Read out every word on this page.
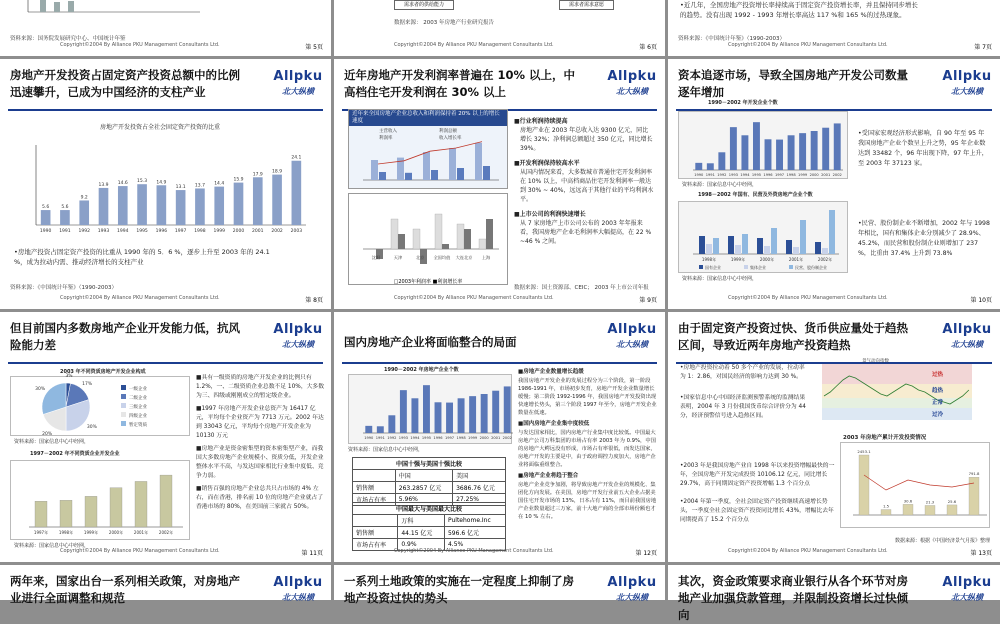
资料来源：国务院发展研究中心、中国统计年鉴
Copyright©2004 By Alliance PKU Management Consultants Ltd.	第 5页
需求者的供给能力	需求者需求意愿
数据来源： 2003 年房地产行业研究报告
Copyright©2004 By Alliance PKU Management Consultants Ltd.	第 6页
•近几年，全国房地产投资增长率持续高于固定资产投资增长率，并且保持同步增长的趋势。没有出现 1992 - 1993 年增长率高达 117 %和 165 %的过热现象。
资料来源：《中国统计年鉴》（1990-2003）
Copyright©2004 By Alliance PKU Management Consultants Ltd.	第 7页
房地产开发投资占固定资产投资总额中的比例迅速攀升，已成为中国经济的支柱产业
Allpku
北大纵横
房地产开发投资占全社会固定资产投资的比重
5.6
1990
5.6
1991
9.2
1992
13.9
1993
14.6
1994
15.3
1995
14.9
1996
13.1
1997
13.7
1998
14.4
1999
15.9
2000
17.9
2001
18.9
2002
24.1
2003
•房地产投资占固定资产投资的比重从 1990 年的 5．6 %，逐步上升至 2003 年的 24.1 %，成为拉动内需、推动经济增长的支柱产业
资料来源：《中国统计年鉴》（1990-2003）
Copyright©2004 By Alliance PKU Management Consultants Ltd.	第 8页
近年房地产开发利润率普遍在 10% 以上，中高档住宅开发利润在 30% 以上
Allpku
北大纵横
近年来全国房地产企业总收入和利润保持着 20% 以上的增长速度
主营收入	利润总额
利润率	收入增长率
沈阳	天津	北京 全国均值 大连北京 上海
□2003年利润率 ■利润增长率
■行业利润持续提高
房地产业在 2003 年总收入达 9300 亿元，同比增长 32%；净利润总额超过 350 亿元，同比增长 39%。
■开发利润保持较高水平
从国内情况来看，大多数城市普通住宅开发利润率在 10% 以上，中高档商品住宅开发利润率一般达到 30% ~ 40%，远远高于其他行业的平均利润水平。
■上市公司的利润快速增长
从 7 家房地产上市公司公布的 2003 年年报来看，我国房地产企业毛利润率大幅提高，在 22 % ~46 % 之间。
数据来源：国土资源部、CEIC； 2003 年上市公司年报
Copyright©2004 By Alliance PKU Management Consultants Ltd.	第 9页
资本追逐市场，导致全国房地产开发公司数量逐年增加
Allpku
北大纵横
1990－2002 年开发企业个数
1990 1991 1992 1993 1994 1995 1996 1997 1998 1999 2000 2001 2002
资料来源：国家信息中心中经网，
1998－2002 年国有、民营及外资房地产企业个数
1998年	1999年	2000年	2001年	2002年
国有企业	集体企业	民营、股份制企业
资料来源：国家信息中心中经网，
•受国家宏观经济形式影响，自 90 年至 95 年我国房地产企业个数呈上升之势，95 年企业数达到 33482 个，96 年出现下降，97 年上升，至 2003 年 37123 家。
•民营、股份制企业不断增加，2002 年与 1998 年相比，国有和集体企业分别减少了 28.9%、45.2%，而民营和股份制企业则增加了 237 %，比重由 37.4% 上升到 73.8%
Copyright©2004 By Alliance PKU Management Consultants Ltd.	第 10页
但目前国内多数房地产企业开发能力低，抗风险能力差
Allpku
北大纵横
2003 年不同资质房地产开发企业构成
3%
17%
30%
20%
30%	一级企业
二级企业
三级企业
四级企业
暂定资质
资料来源：国家信息中心中经网，
1997－2002 年不同资质企业开发企业
1997年	1998年	1999年	2000年	2001年	2002年
资料来源：国家信息中心中经网，
■具有一级资质的房地产开发企业的比例只有 1.2%，一、二级资质企业总数不足 10%，大多数为三、四级或刚刚成立的暂定级企业。
■1997 年房地产开发企业总资产为 16417 亿元，平均每个企业资产为 7713 万元。2002 年达到 33043 亿元，平均每个房地产开发企业为 10130 万元
■房地产业是资金密集型的资本密集型产业，而我国大多数房地产企业规模小、资质分低，开发企业整体水平不高，与发达国家相比行业集中度低、竞争力弱。
■销售百强的房地产企业总共只占市场的 4% 左右，而在香港，排名前 10 位的房地产企业就占了香港市场的 80%，在美国前三家就占 50%。
Copyright©2004 By Alliance PKU Management Consultants Ltd.	第 11页
国内房地产企业将面临整合的局面
Allpku
北大纵横
1990－2002 年房地产企业个数
1990 1991 1992 1993 1994 1995 1996 1997 1998 1999 2000 2001 2002
资料来源：国家信息中心中经网，
中国十强与美国十强比较		
	中国	美国
销售额	263.2857 亿元	3686.76 亿元
市场占有率	5.96%	27.25%
中国最大与美国最大比较		
	万科	Pultehome.Inc
销售额	44.15 亿元	596.6 亿元
市场占有率	0.9%	4.5%
■房地产企业数量增长趋缓
我国房地产开发企业的发展过程分为三个阶段，第一阶段 1986-1991 年，市场初步发育，房地产开发企业数量增长缓慢；第二阶段 1992-1996 年，我国房地产开发投资出现快速增长势头，第三个阶段 1997 年至今，房地产开发企业数量在低速。
■国内房地产企业集中度较低
与发达国家相比，国内房地产行业集中度比较低。中国最大房地产公司万科集团的市场占有率 2003 年为 0.9%，中国的房地产大鳄远没有形成，市场占有率很低，而发达国家，房地产开发的主要是中，由于政府调控力度加大，房地产企业将面临重组整合。
■房地产企业将趋于整合
房地产企业竞争加剧，将导致房地产开发企业的规模化、集团化方向发展。在美国，房地产开发行业前五大企业占据美国住宅开发市场的 13%，日本占有 11%，而目前我国房地产企业数量超过三万家，前十大地产商的全部市场份额也才在 10 % 左右。
Copyright©2004 By Alliance PKU Management Consultants Ltd.	第 12页
由于固定资产投资过快、货币供应量处于趋热区间，导致近两年房地产投资趋热
Allpku
北大纵横
•房地产投资拉动着 50 多个产业的发展，拉动率为 1：2.86，对国民经济的影响力达到 30 %。
•国家信息中心中国经济监测预警系统的监测结果表明，2004 年 3 月份我国货币综合评价分为 44 分，经济预警信号进入趋热区间。
过热
趋热
正常
过冷
景气动向指数
2003 年房地产累计开发投资情况
2453.1
1.5
30.6	21.3	25.6
791.8
•2003 年是我国房地产业自 1998 年以来投资增幅最快的一年，全国房地产开发完成投资 10106.12 亿元，同比增长 29.7%，高于同期固定资产投资增幅 1.3 个百分点
•2004 年第一季度，全社会固定资产投资继续高速增长势头，一季度全社会固定资产投资同比增长 43%，增幅比去年同期提高了 15.2 个百分点
数据来源：根据《中国经济景气月报》整理
Copyright©2004 By Alliance PKU Management Consultants Ltd.	第 13页
两年来，国家出台一系列相关政策，对房地产业进行全面调整和规范
Allpku
北大纵横
一系列土地政策的实施在一定程度上抑制了房地产投资过快的势头
Allpku
北大纵横
其次，资金政策要求商业银行从各个环节对房地产业加强贷款管理，并限制投资增长过快倾向
Allpku
北大纵横
